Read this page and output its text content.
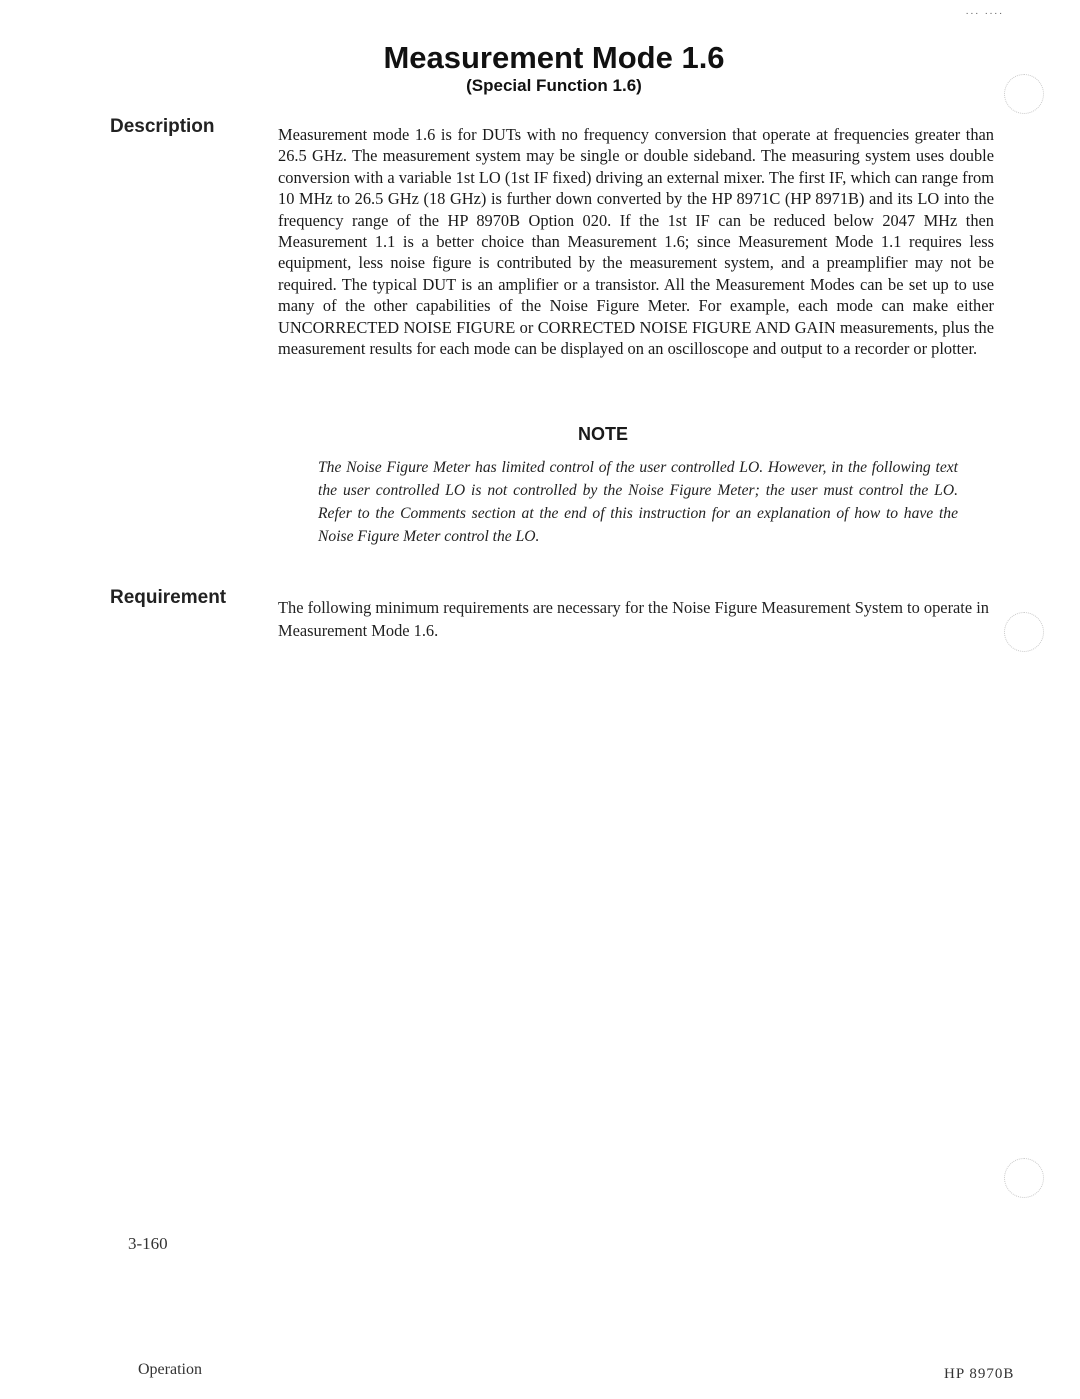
... ....
Measurement Mode 1.6
(Special Function 1.6)
Description	Measurement mode 1.6 is for DUTs with no frequency conversion that operate at frequencies greater than 26.5 GHz. The measurement system may be single or double sideband. The measuring system uses double conversion with a variable 1st LO (1st IF fixed) driving an external mixer. The first IF, which can range from 10 MHz to 26.5 GHz (18 GHz) is further down converted by the HP 8971C (HP 8971B) and its LO into the frequency range of the HP 8970B Option 020. If the 1st IF can be reduced below 2047 MHz then Measurement 1.1 is a better choice than Measurement 1.6; since Measurement Mode 1.1 requires less equipment, less noise figure is contributed by the measurement system, and a preamplifier may not be required. The typical DUT is an amplifier or a transistor. All the Measurement Modes can be set up to use many of the other capabilities of the Noise Figure Meter. For example, each mode can make either UNCORRECTED NOISE FIGURE or CORRECTED NOISE FIGURE AND GAIN measurements, plus the measurement results for each mode can be displayed on an oscilloscope and output to a recorder or plotter.

NOTE

The Noise Figure Meter has limited control of the user controlled LO. However, in the following text the user controlled LO is not controlled by the Noise Figure Meter; the user must control the LO. Refer to the Comments section at the end of this instruction for an explanation of how to have the Noise Figure Meter control the LO.

Requirement	The following minimum requirements are necessary for the Noise Figure Measurement System to operate in Measurement Mode 1.6.

3-160
Operation	HP 8970B
